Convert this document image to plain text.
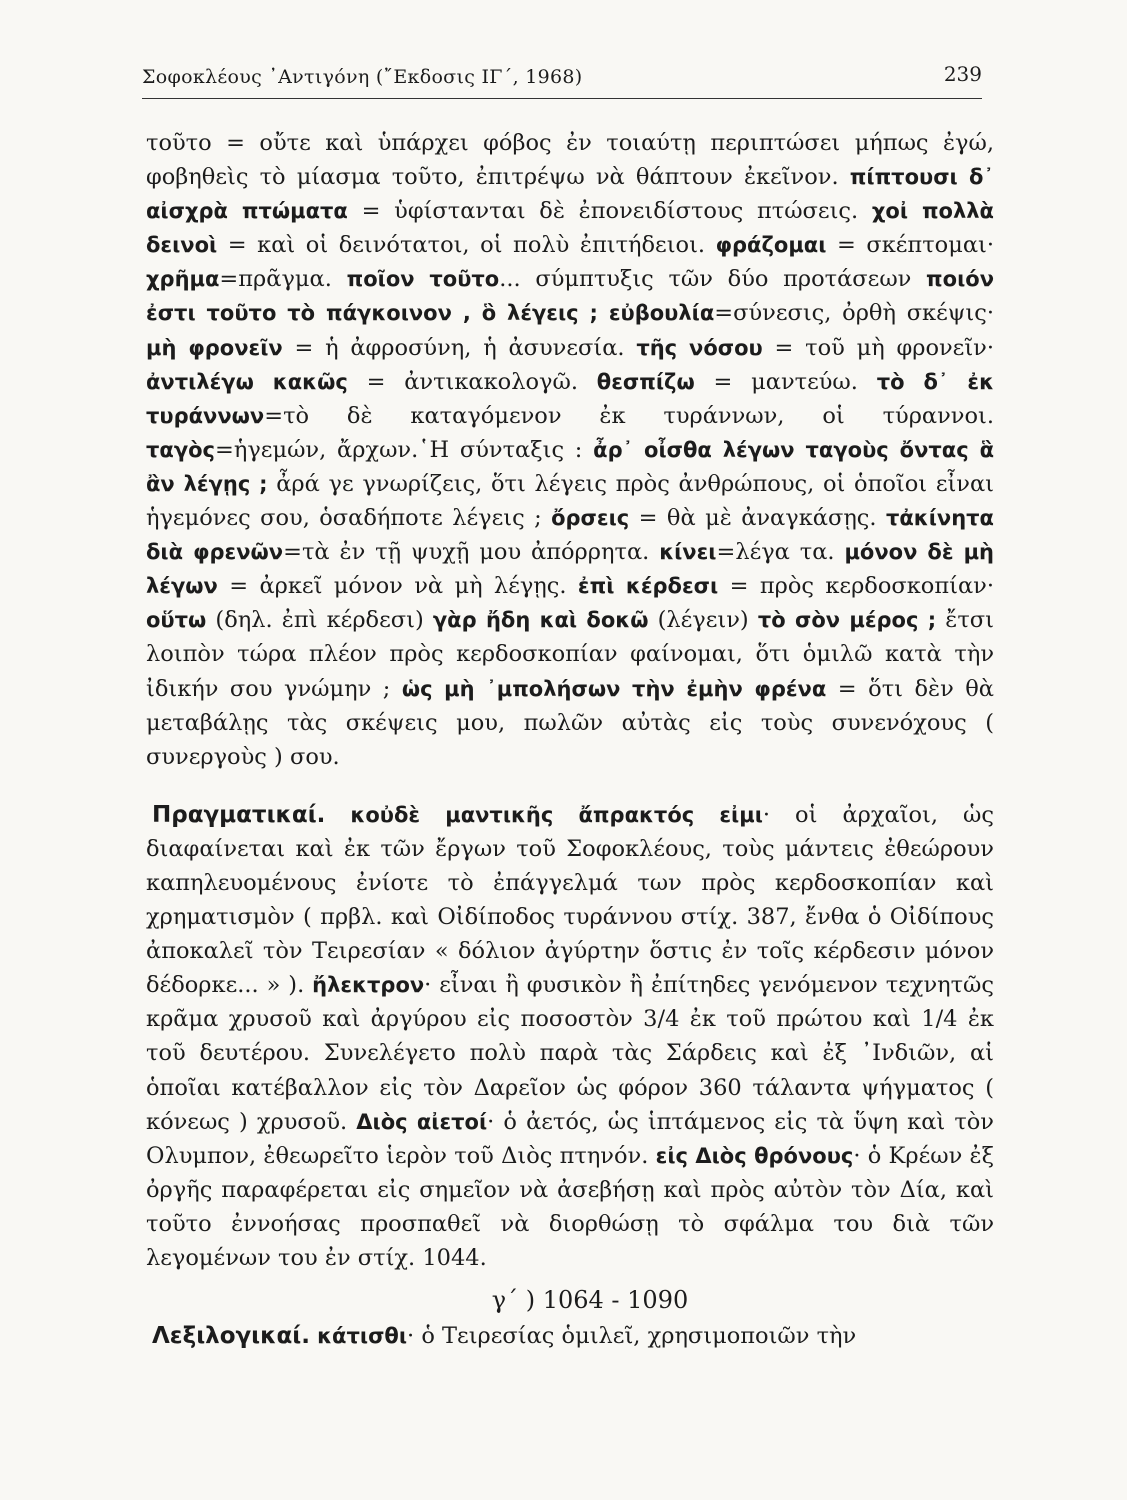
Σοφοκλέους ᾽Αντιγόνη (῎Εκδοσις ΙΓ΄, 1968)	239

τοῦτο = οὔτε καὶ ὑπάρχει φόβος ἐν τοιαύτῃ περιπτώσει μήπως ἐγώ, φοβηθεὶς τὸ μίασμα τοῦτο, ἐπιτρέψω νὰ θάπτουν ἐκεῖνον. πίπτουσι δ᾽ αἰσχρὰ πτώματα = ὑφίστανται δὲ ἐπονειδίστους πτώσεις. χοἰ πολλὰ δεινοὶ = καὶ οἱ δεινότατοι, οἱ πολὺ ἐπιτήδειοι. φράζομαι = σκέπτομαι· χρῆμα=πρᾶγμα. ποῖον τοῦτο... σύμπτυξις τῶν δύο προτάσεων ποιόν ἐστι τοῦτο τὸ πάγκοινον , ὃ λέγεις ; εὐβουλία=σύνεσις, ὀρθὴ σκέψις· μὴ φρονεῖν = ἡ ἀφροσύνη, ἡ ἀσυνεσία. τῆς νόσου = τοῦ μὴ φρονεῖν· ἀντιλέγω κακῶς = ἀντικακολογῶ. θεσπίζω = μαντεύω. τὸ δ᾽ ἐκ τυράννων=τὸ δὲ καταγόμενον ἐκ τυράννων, οἱ τύραννοι. ταγὸς=ἡγεμών, ἄρχων.῾Η σύνταξις : ἆρ᾽ οἶσθα λέγων ταγοὺς ὄντας ἃ ἂν λέγῃς ; ἆρά γε γνωρίζεις, ὅτι λέγεις πρὸς ἀνθρώπους, οἱ ὁποῖοι εἶναι ἡγεμόνες σου, ὁσαδήποτε λέγεις ; ὄρσεις = θὰ μὲ ἀναγκάσῃς. τἀκίνητα διὰ φρενῶν=τὰ ἐν τῇ ψυχῇ μου ἀπόρρητα. κίνει=λέγα τα. μόνον δὲ μὴ λέγων = ἀρκεῖ μόνον νὰ μὴ λέγῃς. ἐπὶ κέρδεσι = πρὸς κερδοσκοπίαν· οὕτω (δηλ. ἐπὶ κέρδεσι) γὰρ ἤδη καὶ δοκῶ (λέγειν) τὸ σὸν μέρος ; ἔτσι λοιπὸν τώρα πλέον πρὸς κερδοσκοπίαν φαίνομαι, ὅτι ὁμιλῶ κατὰ τὴν ἰδικήν σου γνώμην ; ὡς μὴ ᾽μπολήσων τὴν ἐμὴν φρένα = ὅτι δὲν θὰ μεταβάλῃς τὰς σκέψεις μου, πωλῶν αὐτὰς εἰς τοὺς συνενόχους ( συνεργοὺς ) σου.

Πραγματικαί. κοὐδὲ μαντικῆς ἄπρακτός εἰμι· οἱ ἀρχαῖοι, ὡς διαφαίνεται καὶ ἐκ τῶν ἔργων τοῦ Σοφοκλέους, τοὺς μάντεις ἐθεώρουν καπηλευομένους ἐνίοτε τὸ ἐπάγγελμά των πρὸς κερδοσκοπίαν καὶ χρηματισμὸν ( πρβλ. καὶ Οἰδίποδος τυράννου στίχ. 387, ἔνθα ὁ Οἰδίπους ἀποκαλεῖ τὸν Τειρεσίαν « δόλιον ἀγύρτην ὅστις ἐν τοῖς κέρδεσιν μόνον δέδορκε... » ). ἤλεκτρον· εἶναι ἢ φυσικὸν ἢ ἐπίτηδες γενόμενον τεχνητῶς κρᾶμα χρυσοῦ καὶ ἀργύρου εἰς ποσοστὸν 3/4 ἐκ τοῦ πρώτου καὶ 1/4 ἐκ τοῦ δευτέρου. Συνελέγετο πολὺ παρὰ τὰς Σάρδεις καὶ ἐξ ᾽Ινδιῶν, αἱ ὁποῖαι κατέβαλλον εἰς τὸν Δαρεῖον ὡς φόρον 360 τάλαντα ψήγματος ( κόνεως ) χρυσοῦ. Διὸς αἰετοί· ὁ ἀετός, ὡς ἱπτάμενος εἰς τὰ ὕψη καὶ τὸν Ολυμπον, ἐθεωρεῖτο ἱερὸν τοῦ Διὸς πτηνόν. εἰς Διὸς θρόνους· ὁ Κρέων ἐξ ὀργῆς παραφέρεται εἰς σημεῖον νὰ ἀσεβήσῃ καὶ πρὸς αὐτὸν τὸν Δία, καὶ τοῦτο ἐννοήσας προσπαθεῖ νὰ διορθώσῃ τὸ σφάλμα του διὰ τῶν λεγομένων του ἐν στίχ. 1044.

γ΄ ) 1064 - 1090

Λεξιλογικαί. κάτισθι· ὁ Τειρεσίας ὁμιλεῖ, χρησιμοποιῶν τὴν
